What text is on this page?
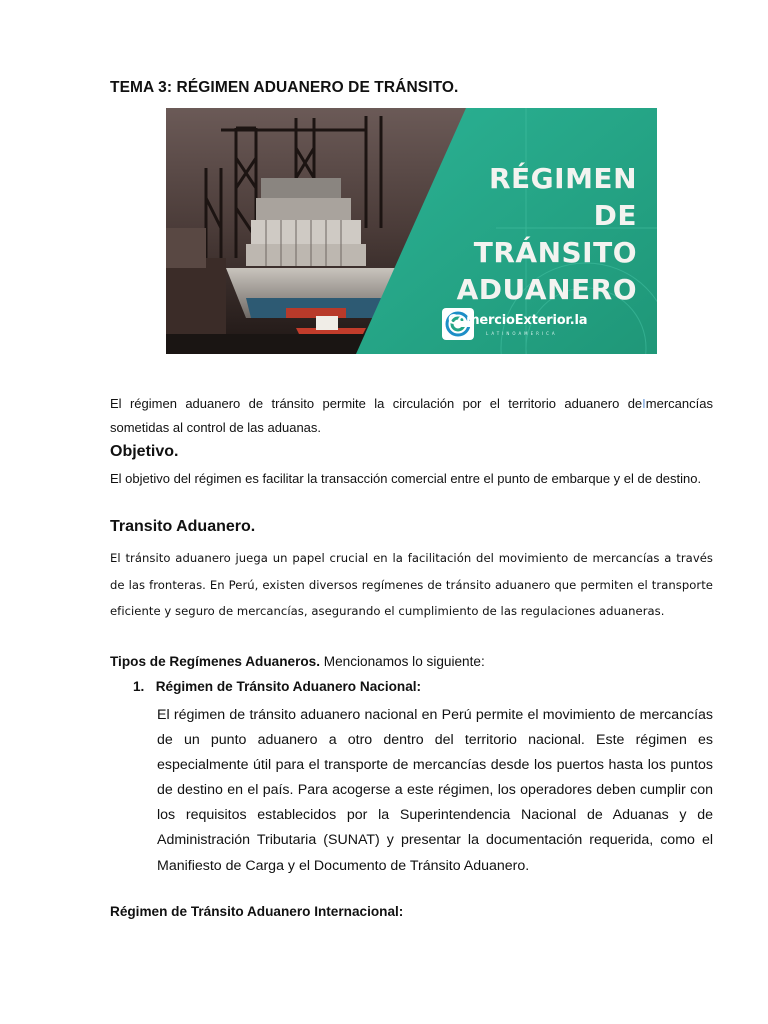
TEMA 3: RÉGIMEN ADUANERO DE TRÁNSITO.
RÉGIMEN DE
TRÁNSITO
ADUANERO
ComercioExterior.la
LATINOAMERICA

El régimen aduanero de tránsito permite la circulación por el territorio aduanero deImercancías sometidas al control de las aduanas.

Objetivo.

El objetivo del régimen es facilitar la transacción comercial entre el punto de embarque y el de destino.

Transito Aduanero.

El tránsito aduanero juega un papel crucial en la facilitación del movimiento de mercancías a través de las fronteras. En Perú, existen diversos regímenes de tránsito aduanero que permiten el transporte eficiente y seguro de mercancías, asegurando el cumplimiento de las regulaciones aduaneras.

Tipos de Regímenes Aduaneros. Mencionamos lo siguiente:

1. Régimen de Tránsito Aduanero Nacional:

El régimen de tránsito aduanero nacional en Perú permite el movimiento de mercancías de un punto aduanero a otro dentro del territorio nacional. Este régimen es especialmente útil para el transporte de mercancías desde los puertos hasta los puntos de destino en el país. Para acogerse a este régimen, los operadores deben cumplir con los requisitos establecidos por la Superintendencia Nacional de Aduanas y de Administración Tributaria (SUNAT) y presentar la documentación requerida, como el Manifiesto de Carga y el Documento de Tránsito Aduanero.

Régimen de Tránsito Aduanero Internacional:
